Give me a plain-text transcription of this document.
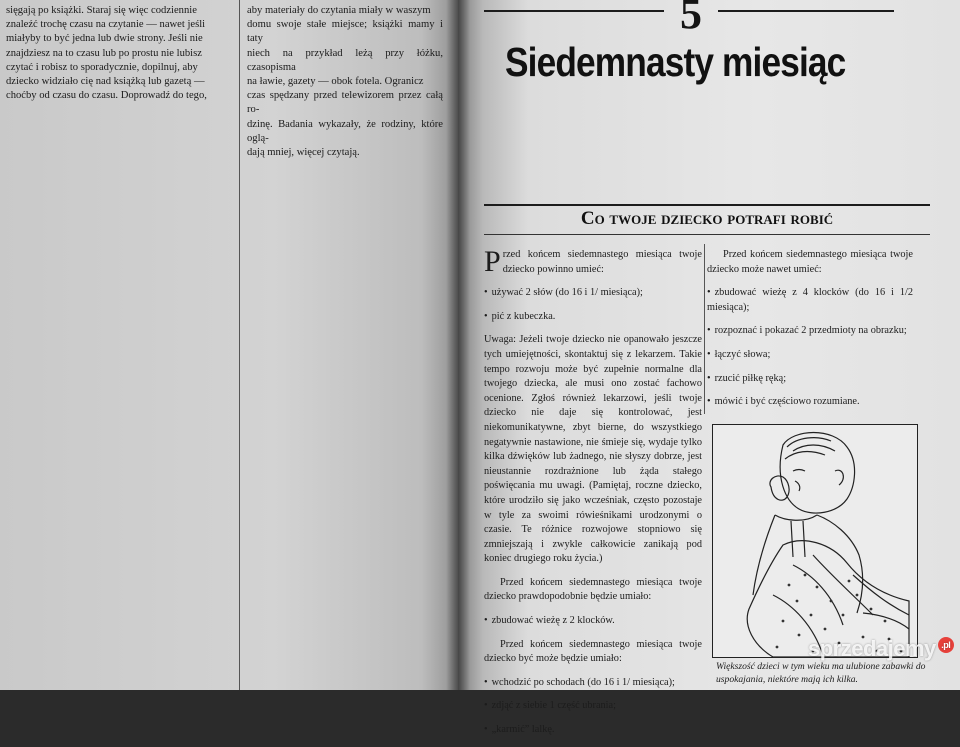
sięgają po książki. Staraj się więc codziennie
znaleźć trochę czasu na czytanie — nawet jeśli
miałyby to być jedna lub dwie strony. Jeśli nie
znajdziesz na to czasu lub po prostu nie lubisz
czytać i robisz to sporadycznie, dopilnuj, aby
dziecko widziało cię nad książką lub gazetą —
choćby od czasu do czasu. Doprowadź do tego,
aby materiały do czytania miały w waszym
domu swoje stałe miejsce; książki mamy i taty
niech na przykład leżą przy łóżku, czasopisma
na ławie, gazety — obok fotela. Ogranicz
czas spędzany przed telewizorem przez całą ro-
dzinę. Badania wykazały, że rodziny, które oglą-
dają mniej, więcej czytają.
5
Siedemnasty miesiąc
Co twoje dziecko potrafi robić

Przed końcem siedemnastego miesiąca twoje dziecko powinno umieć:

• używać 2 słów (do 16 i 1/ miesiąca);

• pić z kubeczka.

Uwaga: Jeżeli twoje dziecko nie opanowało jeszcze tych umiejętności, skontaktuj się z lekarzem. Takie tempo rozwoju może być zupełnie normalne dla twojego dziecka, ale musi ono zostać fachowo ocenione. Zgłoś również lekarzowi, jeśli twoje dziecko nie daje się kontrolować, jest niekomunikatywne, zbyt bierne, do wszystkiego negatywnie nastawione, nie śmieje się, wydaje tylko kilka dźwięków lub żadnego, nie słyszy dobrze, jest nieustannie rozdrażnione lub żąda stałego poświęcania mu uwagi. (Pamiętaj, roczne dziecko, które urodziło się jako wcześniak, często pozostaje w tyle za swoimi rówieśnikami urodzonymi o czasie. Te różnice rozwojowe stopniowo się zmniejszają i zwykle całkowicie zanikają pod koniec drugiego roku życia.)

Przed końcem siedemnastego miesiąca twoje dziecko prawdopodobnie będzie umiało:

• zbudować wieżę z 2 klocków.

Przed końcem siedemnastego miesiąca twoje dziecko być może będzie umiało:

• wchodzić po schodach (do 16 i 1/ miesiąca);

• zdjąć z siebie 1 część ubrania;

• „karmić” lalkę.

Przed końcem siedemnastego miesiąca twoje dziecko może nawet umieć:

• zbudować wieżę z 4 klocków (do 16 i 1/2 miesiąca);

• rozpoznać i pokazać 2 przedmioty na obrazku;

• łączyć słowa;

• rzucić piłkę ręką;

• mówić i być częściowo rozumiane.

Większość dzieci w tym wieku ma ulubione zabawki do uspokajania, niektóre mają ich kilka.
sprzedajemy .pl
